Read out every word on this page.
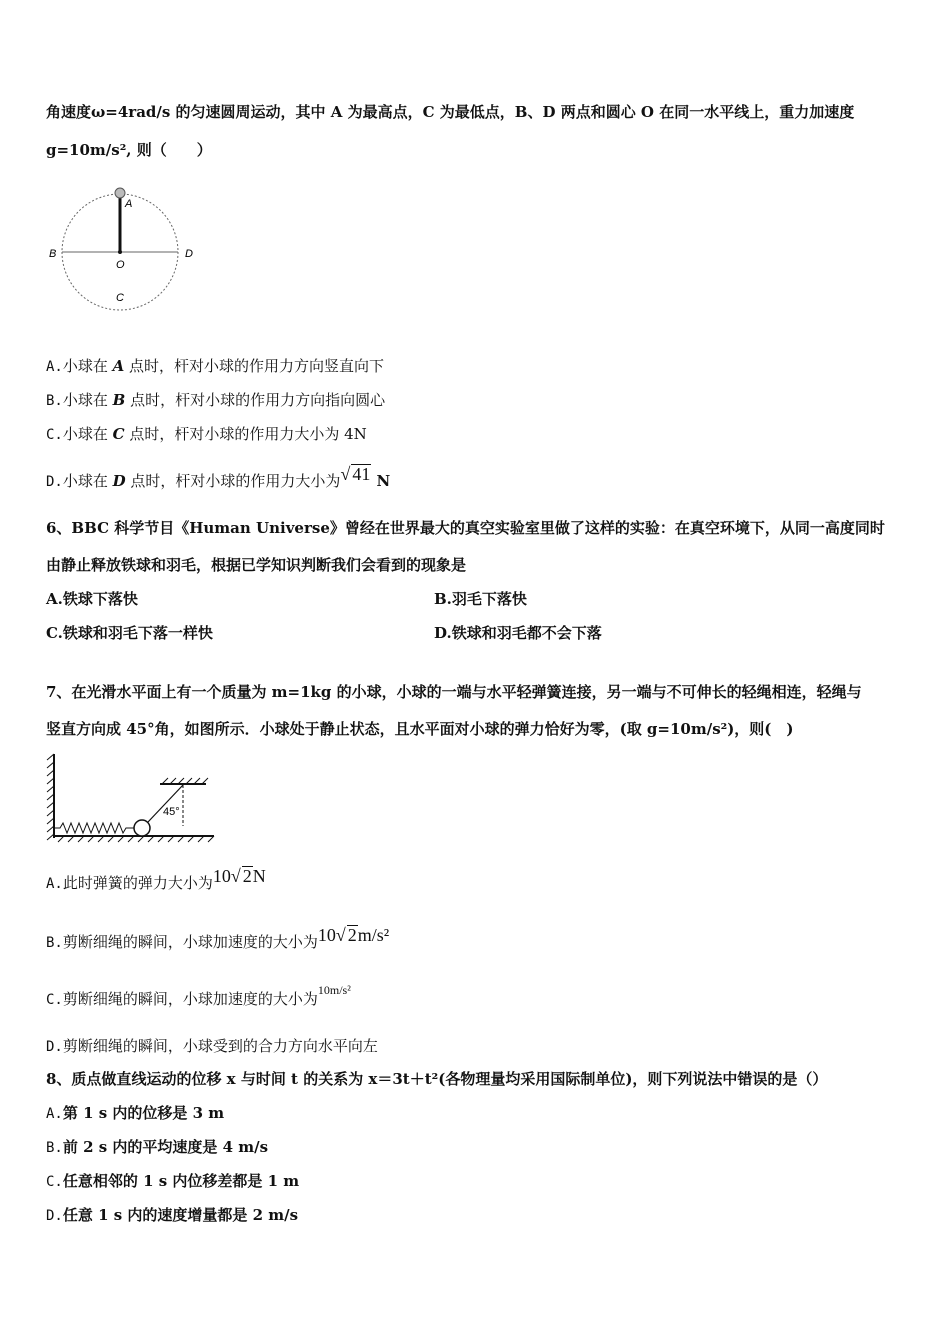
角速度ω=4rad/s 的匀速圆周运动，其中 A 为最高点，C 为最低点，B、D 两点和圆心 O 在同一水平线上，重力加速度
g=10m/s², 则（　　）
A
B	D
O
C
A.小球在 A 点时，杆对小球的作用力方向竖直向下
B.小球在 B 点时，杆对小球的作用力方向指向圆心
C.小球在 C 点时，杆对小球的作用力大小为 4N
D.小球在 D 点时，杆对小球的作用力大小为√ 41 N
6、BBC 科学节目《Human Universe》曾经在世界最大的真空实验室里做了这样的实验：在真空环境下，从同一高度同时
由静止释放铁球和羽毛，根据已学知识判断我们会看到的现象是
A.铁球下落快	B.羽毛下落快
C.铁球和羽毛下落一样快	D.铁球和羽毛都不会下落
7、在光滑水平面上有一个质量为 m=1kg 的小球，小球的一端与水平轻弹簧连接，另一端与不可伸长的轻绳相连，轻绳与
竖直方向成 45°角，如图所示．小球处于静止状态，且水平面对小球的弹力恰好为零，(取 g=10m/s²)，则(　)
45°
A.此时弹簧的弹力大小为10√ 2N
B.剪断细绳的瞬间，小球加速度的大小为10√ 2m/s²
C.剪断细绳的瞬间，小球加速度的大小为$^{10m/s^2}$
D.剪断细绳的瞬间，小球受到的合力方向水平向左
8、质点做直线运动的位移 x 与时间 t 的关系为 x＝3t＋t²(各物理量均采用国际制单位)，则下列说法中错误的是（）
A.第 1 s 内的位移是 3 m
B.前 2 s 内的平均速度是 4 m/s
C.任意相邻的 1 s 内位移差都是 1 m
D.任意 1 s 内的速度增量都是 2 m/s
